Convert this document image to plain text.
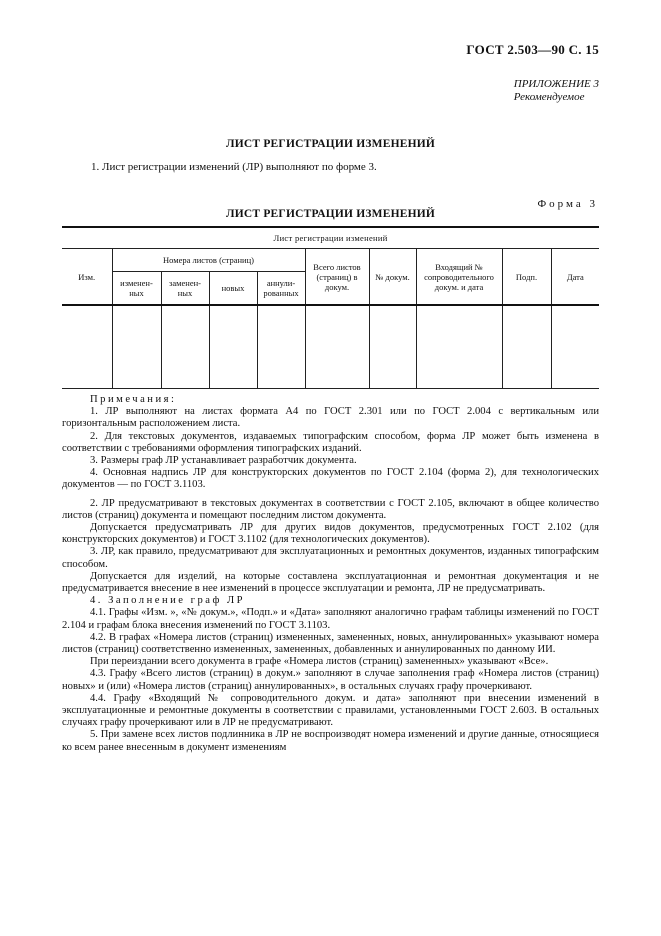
ГОСТ 2.503—90 С. 15
ПРИЛОЖЕНИЕ 3
Рекомендуемое
ЛИСТ РЕГИСТРАЦИИ ИЗМЕНЕНИЙ
1. Лист регистрации изменений (ЛР) выполняют по форме 3.
Форма 3
ЛИСТ РЕГИСТРАЦИИ ИЗМЕНЕНИЙ
Лист регистрации изменений									
Изм.	Номера листов (страниц)				Всего листов (страниц) в докум.	№ докум.	Входящий № сопроводительного докум. и дата	Подп.	Дата
	изменен-ных	заменен-ных	новых	аннули-рованных					

Примечания:

1. ЛР выполняют на листах формата А4 по ГОСТ 2.301 или по ГОСТ 2.004 с вертикальным или горизонтальным расположением листа.

2. Для текстовых документов, издаваемых типографским способом, форма ЛР может быть изменена в соответствии с требованиями оформления типографских изданий.

3. Размеры граф ЛР устанавливает разработчик документа.

4. Основная надпись ЛР для конструкторских документов по ГОСТ 2.104 (форма 2), для технологических документов — по ГОСТ 3.1103.

2. ЛР предусматривают в текстовых документах в соответствии с ГОСТ 2.105, включают в общее количество листов (страниц) документа и помещают последним листом документа.

Допускается предусматривать ЛР для других видов документов, предусмотренных ГОСТ 2.102 (для конструкторских документов) и ГОСТ 3.1102 (для технологических документов).

3. ЛР, как правило, предусматривают для эксплуатационных и ремонтных документов, изданных типографским способом.

Допускается для изделий, на которые составлена эксплуатационная и ремонтная документация и не предусматривается внесение в нее изменений в процессе эксплуатации и ремонта, ЛР не предусматривать.

4. Заполнение граф ЛР

4.1. Графы «Изм. », «№ докум.», «Подп.» и «Дата» заполняют аналогично графам таблицы изменений по ГОСТ 2.104 и графам блока внесения изменений по ГОСТ 3.1103.

4.2. В графах «Номера листов (страниц) измененных, замененных, новых, аннулированных» указывают номера листов (страниц) соответственно измененных, замененных, добавленных и аннулированных по данному ИИ.

При переиздании всего документа в графе «Номера листов (страниц) замененных» указывают «Все».

4.3. Графу «Всего листов (страниц) в докум.» заполняют в случае заполнения граф «Номера листов (страниц) новых» и (или) «Номера листов (страниц) аннулированных», в остальных случаях графу прочеркивают.

4.4. Графу «Входящий № сопроводительного докум. и дата» заполняют при внесении изменений в эксплуатационные и ремонтные документы в соответствии с правилами, установленными ГОСТ 2.603. В остальных случаях графу прочеркивают или в ЛР не предусматривают.

5. При замене всех листов подлинника в ЛР не воспроизводят номера изменений и другие данные, относящиеся ко всем ранее внесенным в документ изменениям
